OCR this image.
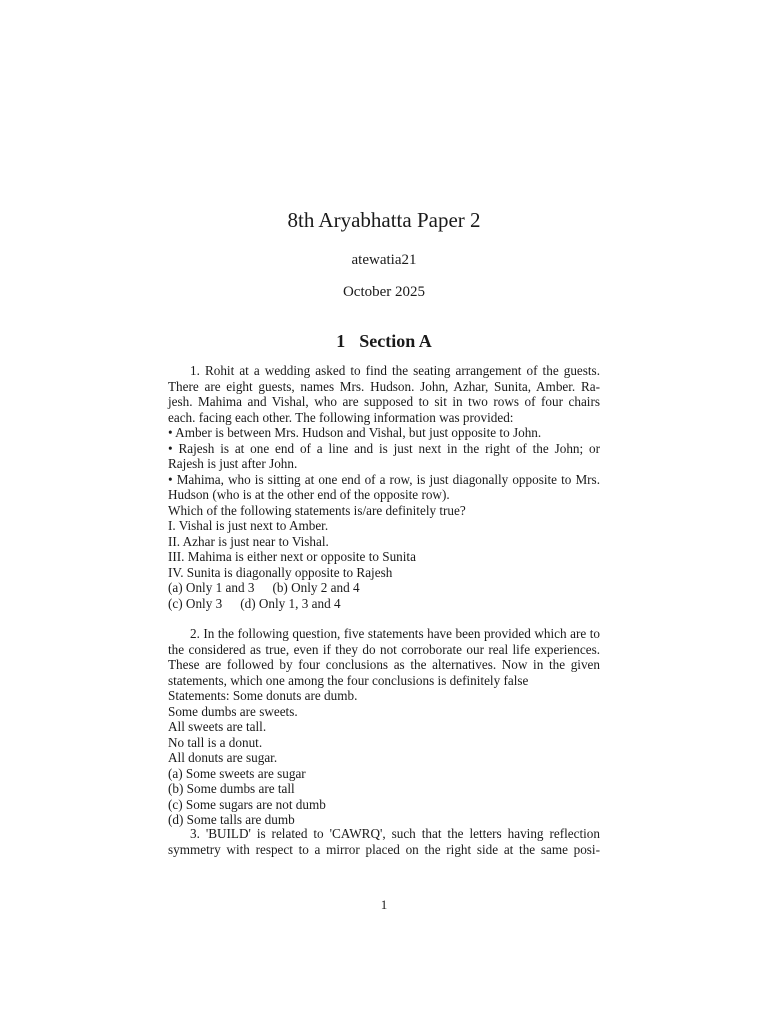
8th Aryabhatta Paper 2
atewatia21
October 2025
1 Section A
1. Rohit at a wedding asked to find the seating arrangement of the guests.
There are eight guests, names Mrs. Hudson. John, Azhar, Sunita, Amber. Ra-
jesh. Mahima and Vishal, who are supposed to sit in two rows of four chairs
each. facing each other. The following information was provided:
• Amber is between Mrs. Hudson and Vishal, but just opposite to John.
• Rajesh is at one end of a line and is just next in the right of the John; or
Rajesh is just after John.
• Mahima, who is sitting at one end of a row, is just diagonally opposite to Mrs.
Hudson (who is at the other end of the opposite row).
Which of the following statements is/are definitely true?
I. Vishal is just next to Amber.
II. Azhar is just near to Vishal.
III. Mahima is either next or opposite to Sunita
IV. Sunita is diagonally opposite to Rajesh
(a) Only 1 and 3 (b) Only 2 and 4
(c) Only 3 (d) Only 1, 3 and 4
2. In the following question, five statements have been provided which are to
the considered as true, even if they do not corroborate our real life experiences.
These are followed by four conclusions as the alternatives. Now in the given
statements, which one among the four conclusions is definitely false
Statements: Some donuts are dumb.
Some dumbs are sweets.
All sweets are tall.
No tall is a donut.
All donuts are sugar.
(a) Some sweets are sugar
(b) Some dumbs are tall
(c) Some sugars are not dumb
(d) Some talls are dumb
3. 'BUILD' is related to 'CAWRQ', such that the letters having reflection
symmetry with respect to a mirror placed on the right side at the same posi-
1
